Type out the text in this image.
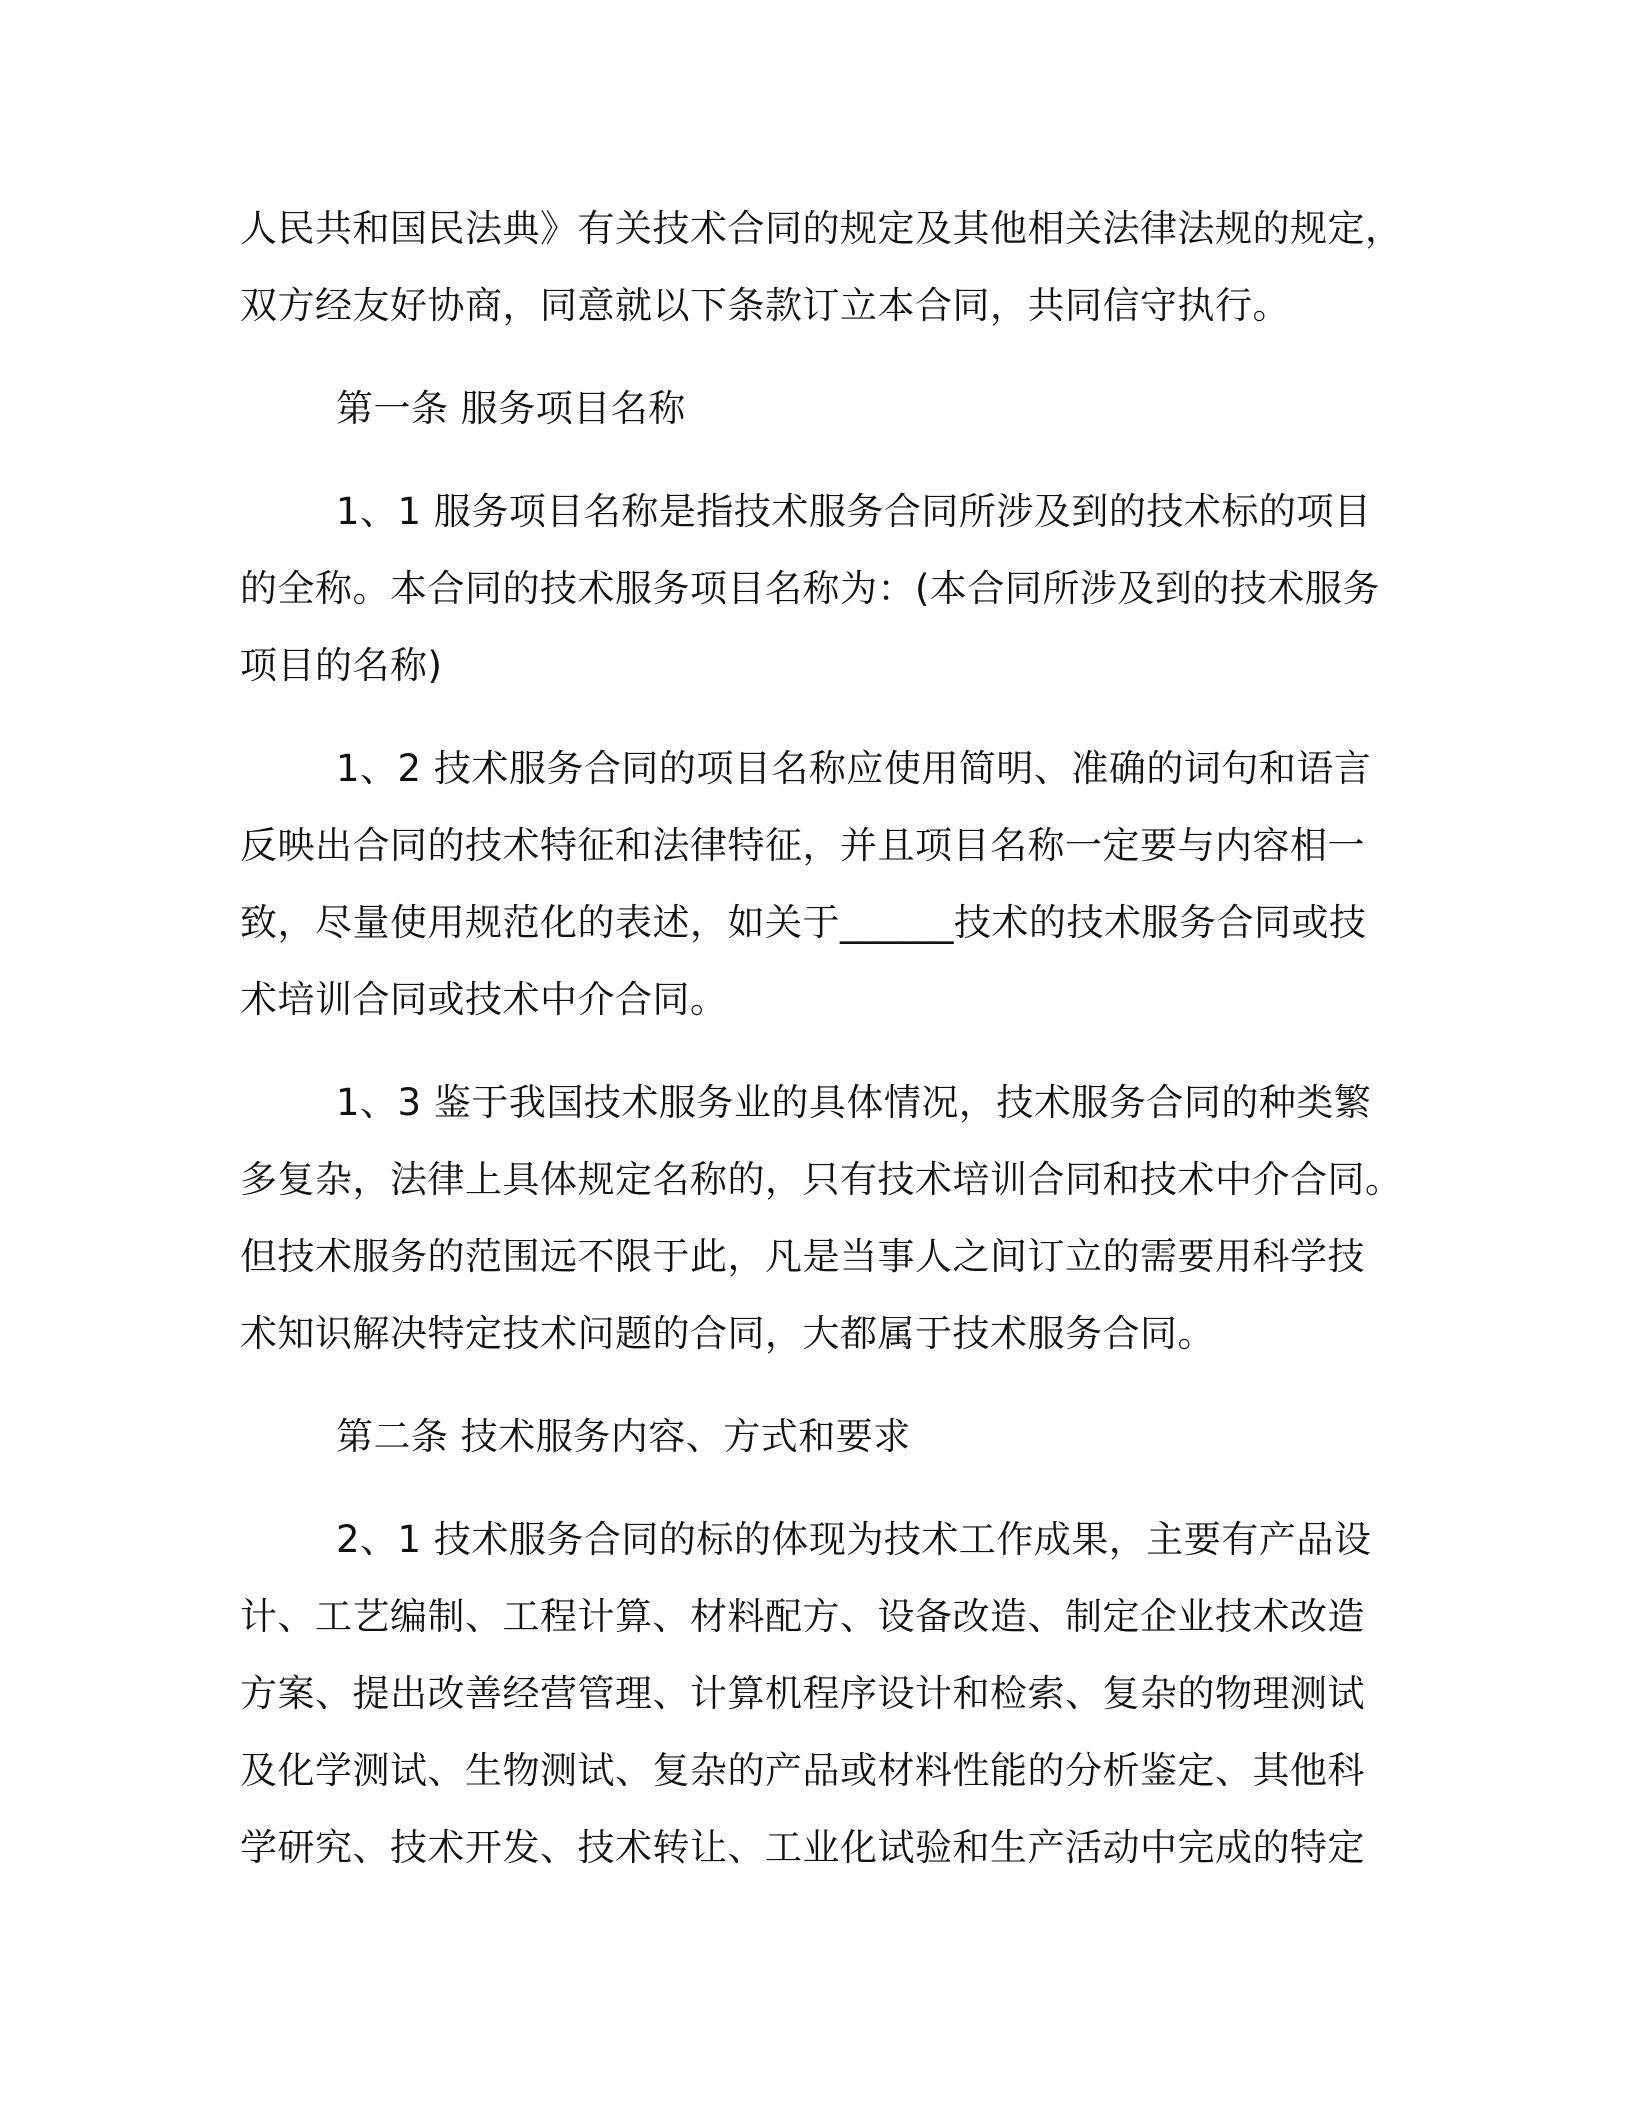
人民共和国民法典》有关技术合同的规定及其他相关法律法规的规定，
双方经友好协商，同意就以下条款订立本合同，共同信守执行。
第一条 服务项目名称
1、1 服务项目名称是指技术服务合同所涉及到的技术标的项目
的全称。本合同的技术服务项目名称为：(本合同所涉及到的技术服务
项目的名称)
1、2 技术服务合同的项目名称应使用简明、准确的词句和语言
反映出合同的技术特征和法律特征，并且项目名称一定要与内容相一
致，尽量使用规范化的表述，如关于______技术的技术服务合同或技
术培训合同或技术中介合同。
1、3 鉴于我国技术服务业的具体情况，技术服务合同的种类繁
多复杂，法律上具体规定名称的，只有技术培训合同和技术中介合同。
但技术服务的范围远不限于此，凡是当事人之间订立的需要用科学技
术知识解决特定技术问题的合同，大都属于技术服务合同。
第二条 技术服务内容、方式和要求
2、1 技术服务合同的标的体现为技术工作成果，主要有产品设
计、工艺编制、工程计算、材料配方、设备改造、制定企业技术改造
方案、提出改善经营管理、计算机程序设计和检索、复杂的物理测试
及化学测试、生物测试、复杂的产品或材料性能的分析鉴定、其他科
学研究、技术开发、技术转让、工业化试验和生产活动中完成的特定
